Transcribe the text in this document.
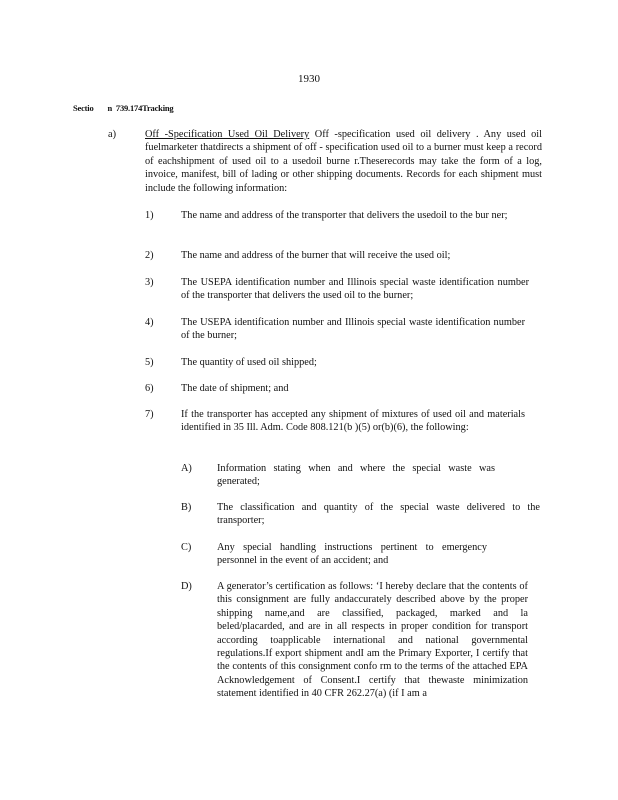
1930
Sectio n 739.174Tracking
a)	Off -Specification Used Oil Delivery Off -specification used oil delivery . Any used oil fuelmarketer thatdirects a shipment of off - specification used oil to a burner must keep a record of eachshipment of used oil to a usedoil burne r.Theserecords may take the form of a log, invoice, manifest, bill of lading or other shipping documents. Records for each shipment must include the following information:
1)	The name and address of the transporter that delivers the usedoil to the bur ner;
2)	The name and address of the burner that will receive the used oil;
3)	The USEPA identification number and Illinois special waste identification number of the transporter that delivers the used oil to the burner;
4)	The USEPA identification number and Illinois special waste identification number of the burner;
5)	The quantity of used oil shipped;
6)	The date of shipment; and
7)	If the transporter has accepted any shipment of mixtures of used oil and materials identified in 35 Ill. Adm. Code 808.121(b )(5) or(b)(6), the following:
A) Information stating when and where the special waste was generated;
B) The classification and quantity of the special waste delivered to the transporter;
C) Any special handling instructions pertinent to emergency personnel in the event of an accident; and
D) A generator’s certification as follows: ‘I hereby declare that the contents of this consignment are fully andaccurately described above by the proper shipping name,and are classified, packaged, marked and la beled/placarded, and are in all respects in proper condition for transport according toapplicable international and national governmental regulations.If export shipment andI am the Primary Exporter, I certify that the contents of this consignment confo rm to the terms of the attached EPA Acknowledgement of Consent.I certify that thewaste minimization statement identified in 40 CFR 262.27(a) (if I am a
